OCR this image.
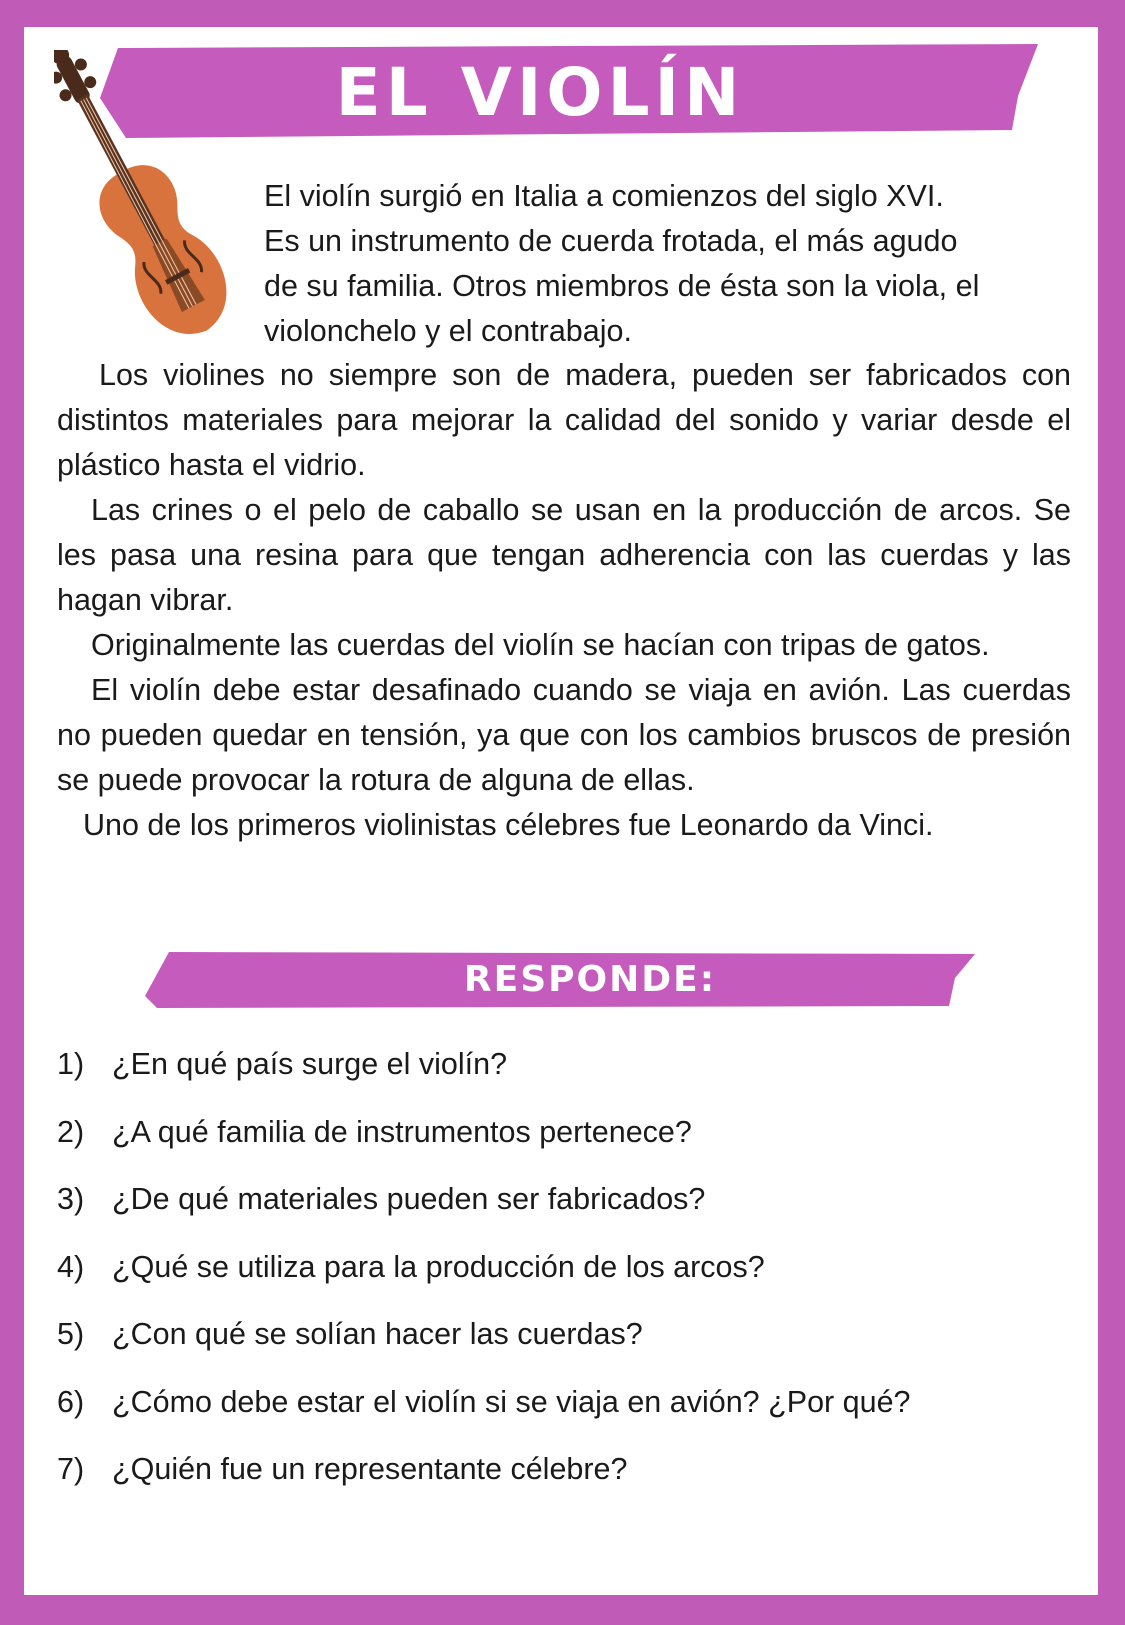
EL VIOLÍN

El violín surgió en Italia a comienzos del siglo XVI.

Es un instrumento de cuerda frotada, el más agudo

de su familia. Otros miembros de ésta son la viola, el

violonchelo y el contrabajo.

Los violines no siempre son de madera, pueden ser fabricados con distintos materiales para mejorar la calidad del sonido y variar desde el plástico hasta el vidrio.

Las crines o el pelo de caballo se usan en la producción de arcos. Se les pasa una resina para que tengan adherencia con las cuerdas y las hagan vibrar.

Originalmente las cuerdas del violín se hacían con tripas de gatos.

El violín debe estar desafinado cuando se viaja en avión. Las cuerdas no pueden quedar en tensión, ya que con los cambios bruscos de presión se puede provocar la rotura de alguna de ellas.

Uno de los primeros violinistas célebres fue Leonardo da Vinci.

RESPONDE:
1) ¿En qué país surge el violín?
2) ¿A qué familia de instrumentos pertenece?
3) ¿De qué materiales pueden ser fabricados?
4) ¿Qué se utiliza para la producción de los arcos?
5) ¿Con qué se solían hacer las cuerdas?
6) ¿Cómo debe estar el violín si se viaja en avión? ¿Por qué?
7) ¿Quién fue un representante célebre?
